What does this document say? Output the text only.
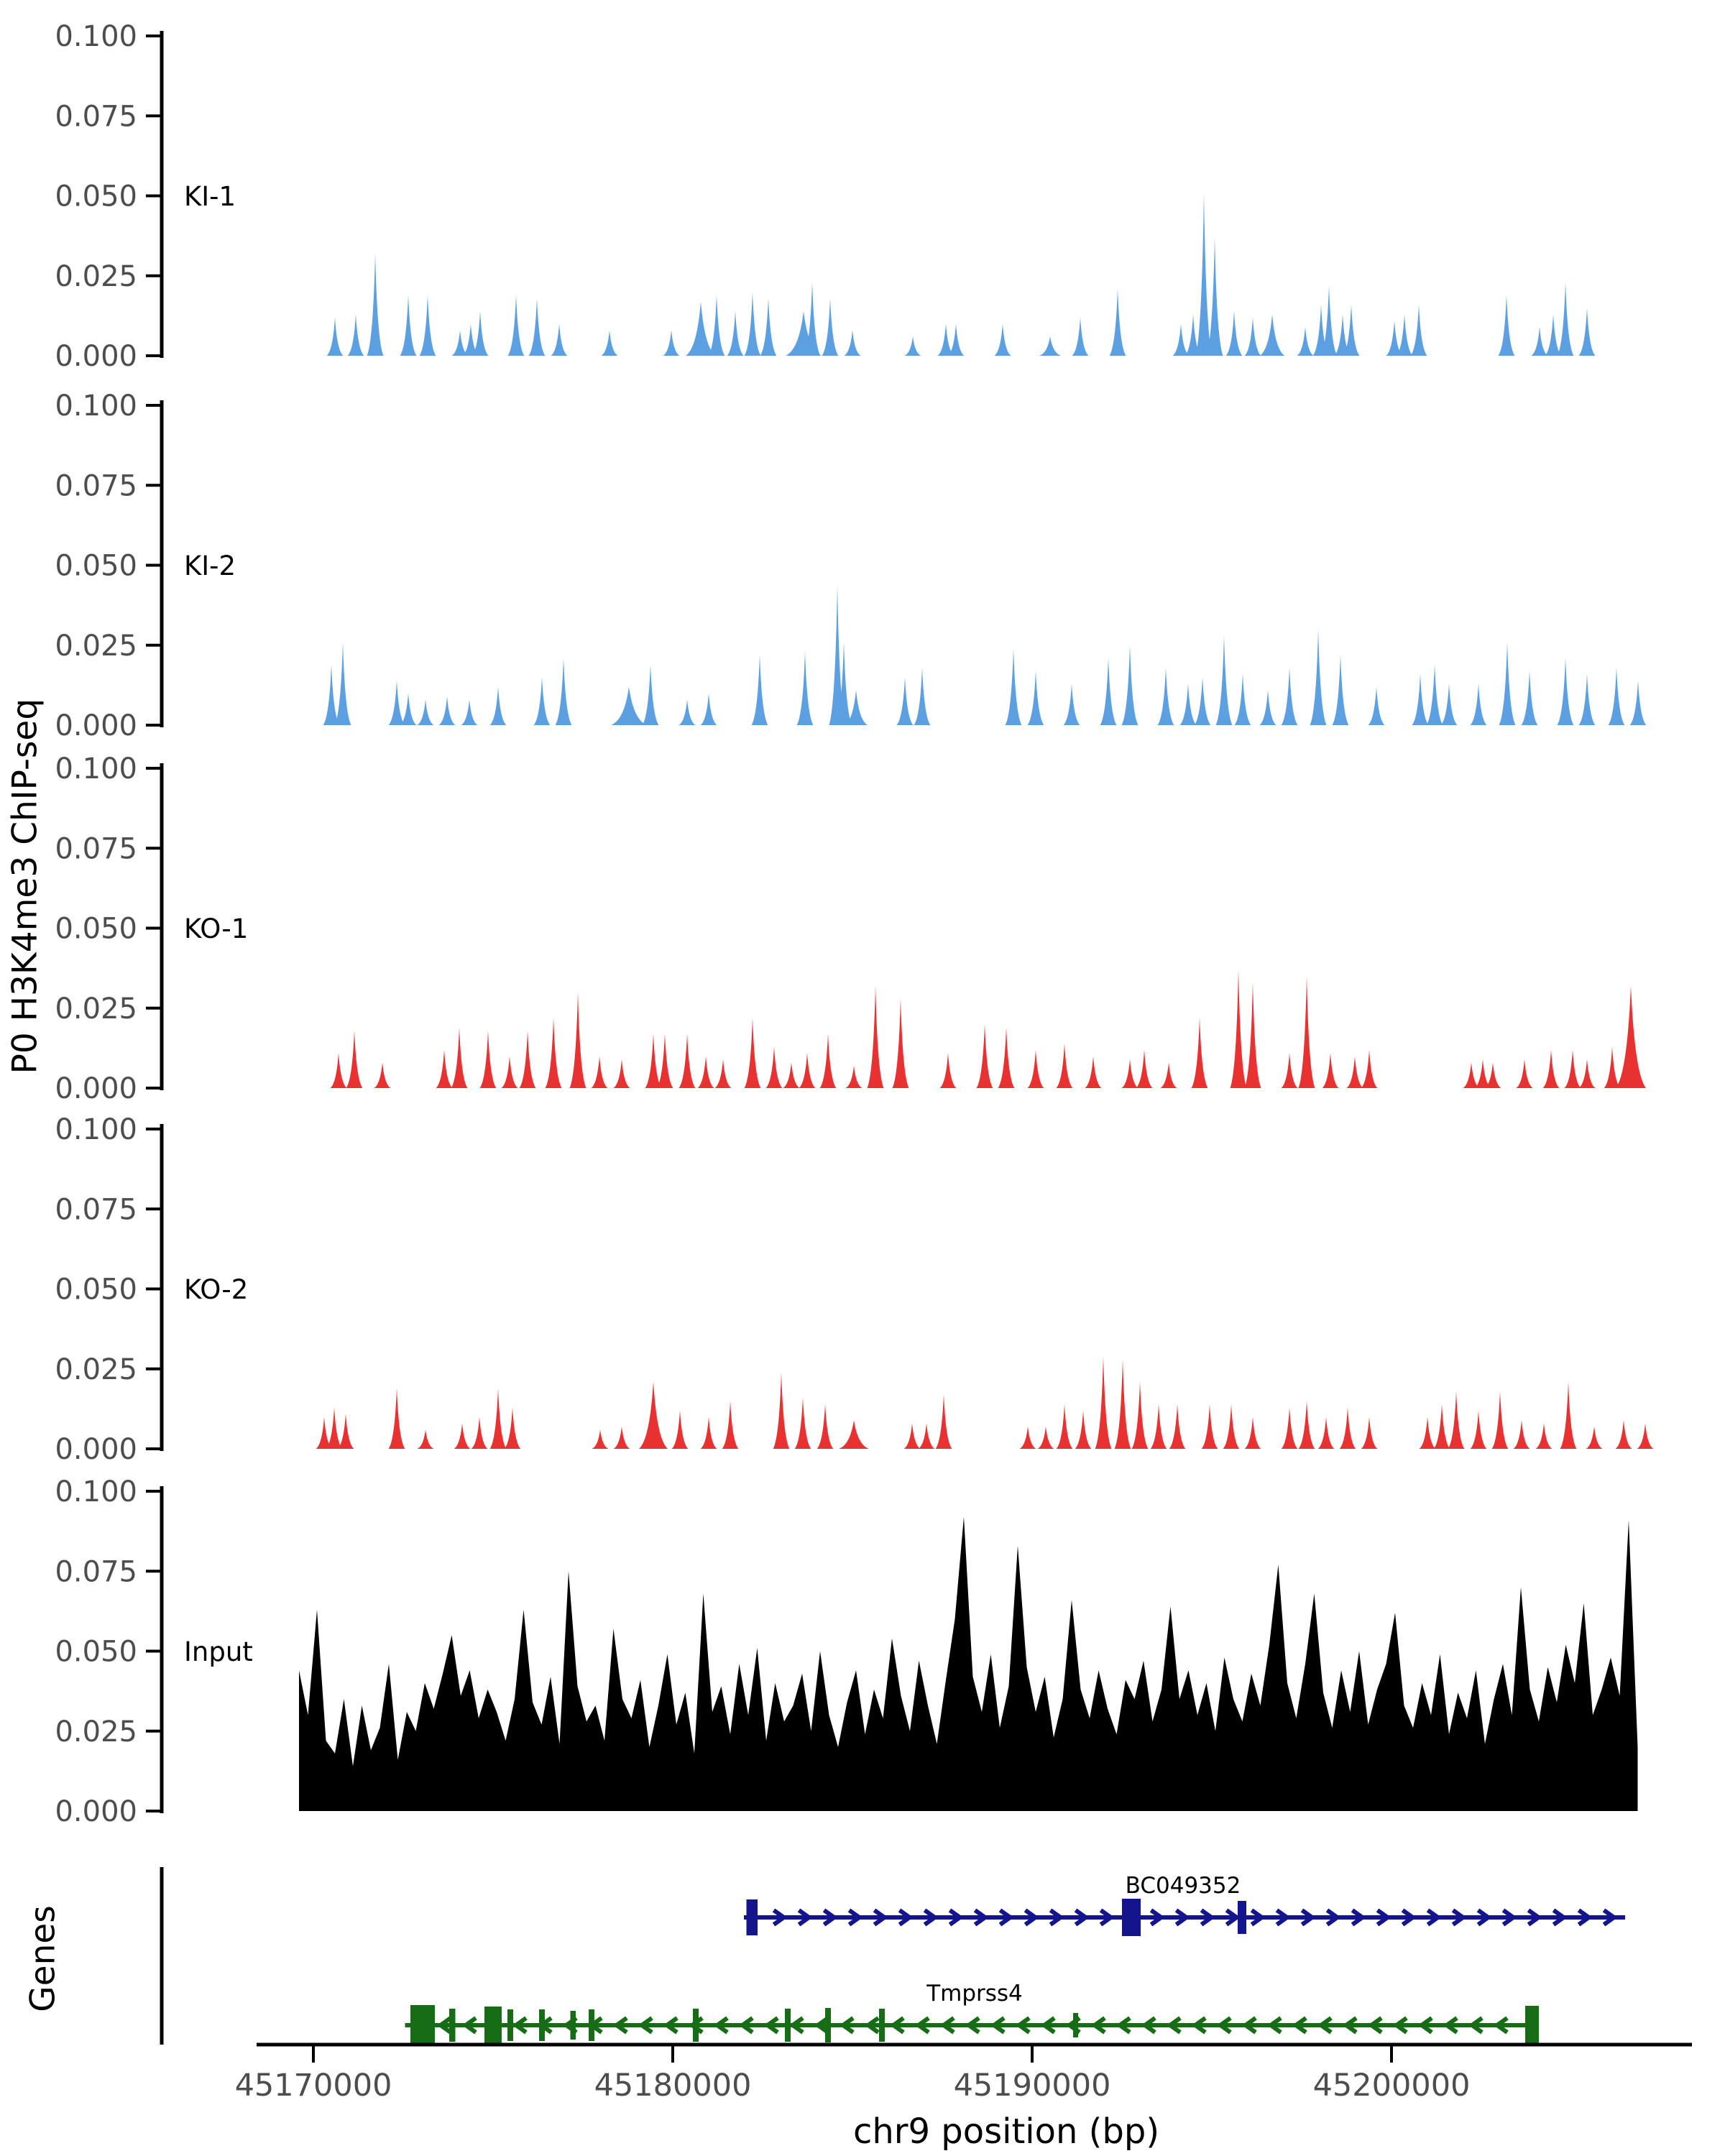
P0 H3K4me3 ChIP-seq
Genes
chr9 position (bp)
0.100
0.075
0.050
0.025
0.000
KI-1
0.100
0.075
0.050
0.025
0.000
KI-2
0.100
0.075
0.050
0.025
0.000
KO-1
0.100
0.075
0.050
0.025
0.000
KO-2
0.100
0.075
0.050
0.025
0.000
Input
BC049352
Tmprss4
45170000	45180000	45190000	45200000
